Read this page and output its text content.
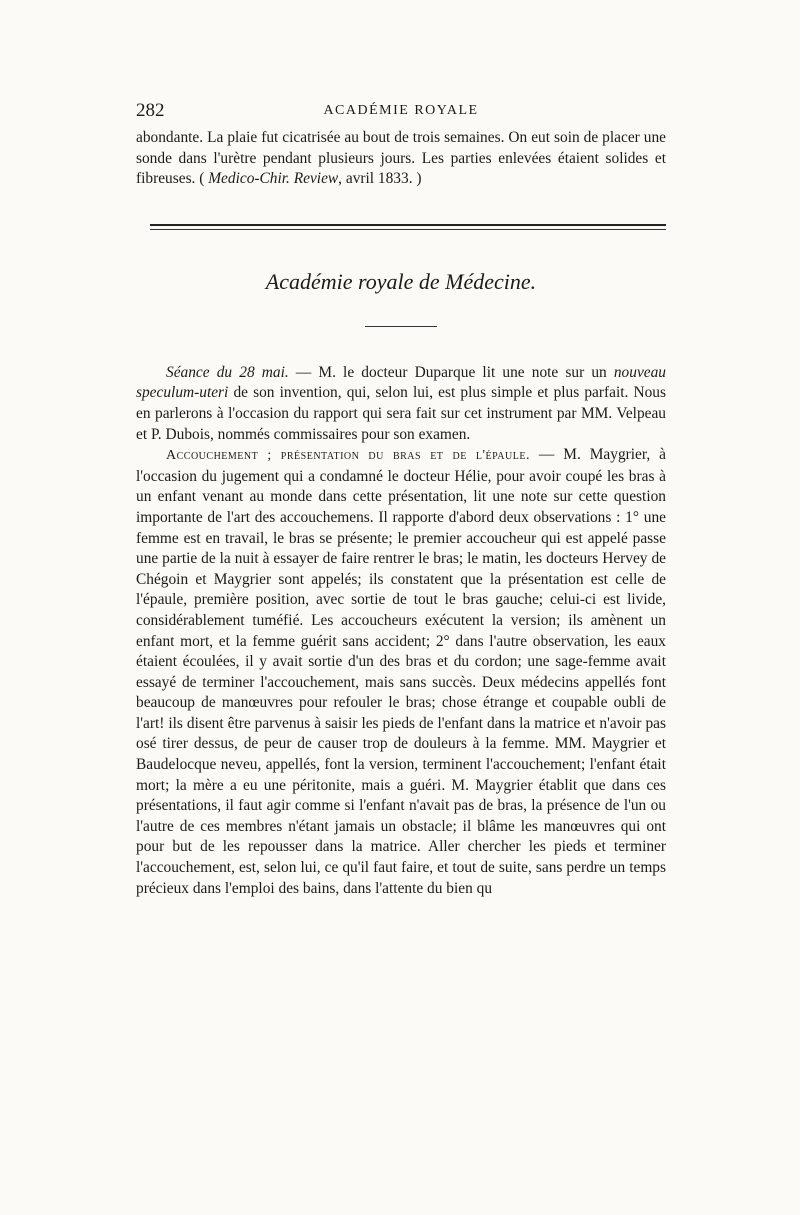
282	ACADÉMIE ROYALE

abondante. La plaie fut cicatrisée au bout de trois semaines. On eut soin de placer une sonde dans l'urètre pendant plusieurs jours. Les parties enlevées étaient solides et fibreuses. ( Medico-Chir. Review, avril 1833. )

Académie royale de Médecine.

Séance du 28 mai. — M. le docteur Duparque lit une note sur un nouveau speculum-uteri de son invention, qui, selon lui, est plus simple et plus parfait. Nous en parlerons à l'occasion du rapport qui sera fait sur cet instrument par MM. Velpeau et P. Dubois, nommés commissaires pour son examen.

Accouchement ; présentation du bras et de l'épaule. — M. Maygrier, à l'occasion du jugement qui a condamné le docteur Hélie, pour avoir coupé les bras à un enfant venant au monde dans cette présentation, lit une note sur cette question importante de l'art des accouchemens. Il rapporte d'abord deux observations : 1° une femme est en travail, le bras se présente; le premier accoucheur qui est appelé passe une partie de la nuit à essayer de faire rentrer le bras; le matin, les docteurs Hervey de Chégoin et Maygrier sont appelés; ils constatent que la présentation est celle de l'épaule, première position, avec sortie de tout le bras gauche; celui-ci est livide, considérablement tuméfié. Les accoucheurs exécutent la version; ils amènent un enfant mort, et la femme guérit sans accident; 2° dans l'autre observation, les eaux étaient écoulées, il y avait sortie d'un des bras et du cordon; une sage-femme avait essayé de terminer l'accouchement, mais sans succès. Deux médecins appellés font beaucoup de manœuvres pour refouler le bras; chose étrange et coupable oubli de l'art! ils disent être parvenus à saisir les pieds de l'enfant dans la matrice et n'avoir pas osé tirer dessus, de peur de causer trop de douleurs à la femme. MM. Maygrier et Baudelocque neveu, appellés, font la version, terminent l'accouchement; l'enfant était mort; la mère a eu une péritonite, mais a guéri. M. Maygrier établit que dans ces présentations, il faut agir comme si l'enfant n'avait pas de bras, la présence de l'un ou l'autre de ces membres n'étant jamais un obstacle; il blâme les manœuvres qui ont pour but de les repousser dans la matrice. Aller chercher les pieds et terminer l'accouchement, est, selon lui, ce qu'il faut faire, et tout de suite, sans perdre un temps précieux dans l'emploi des bains, dans l'attente du bien qu
